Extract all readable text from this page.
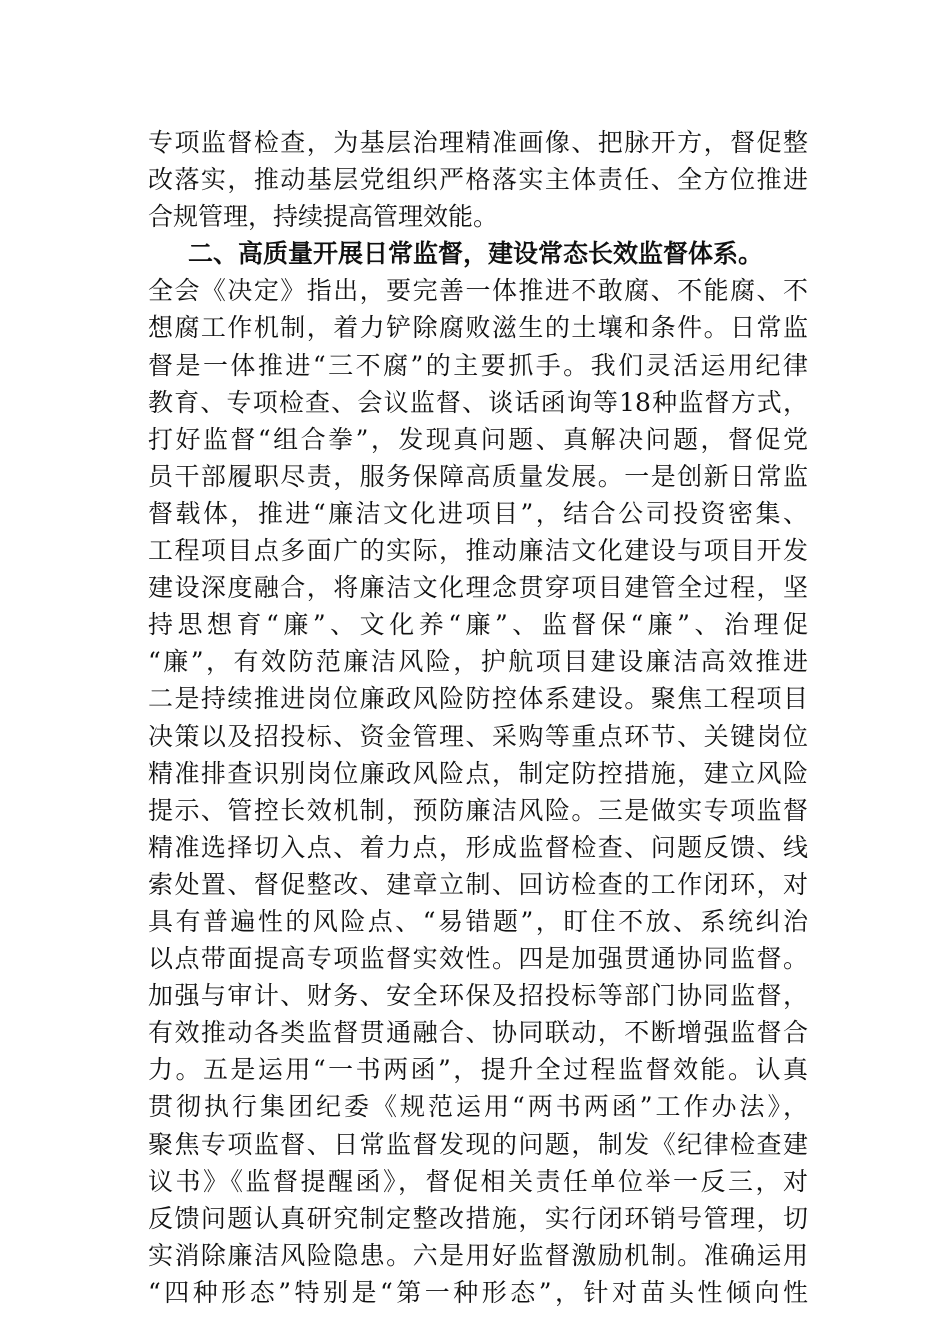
专项监督检查，为基层治理精准画像、把脉开方，督促整
改落实，推动基层党组织严格落实主体责任、全方位推进
合规管理，持续提高管理效能。
二、高质量开展日常监督，建设常态长效监督体系。
全会《决定》指出，要完善一体推进不敢腐、不能腐、不
想腐工作机制，着力铲除腐败滋生的土壤和条件。日常监
督是一体推进“三不腐”的主要抓手。我们灵活运用纪律
教育、专项检查、会议监督、谈话函询等18种监督方式，
打好监督“组合拳”，发现真问题、真解决问题，督促党
员干部履职尽责，服务保障高质量发展。一是创新日常监
督载体，推进“廉洁文化进项目”，结合公司投资密集、
工程项目点多面广的实际，推动廉洁文化建设与项目开发
建设深度融合，将廉洁文化理念贯穿项目建管全过程，坚
持思想育“廉”、文化养“廉”、监督保“廉”、治理促
“廉”，有效防范廉洁风险，护航项目建设廉洁高效推进
二是持续推进岗位廉政风险防控体系建设。聚焦工程项目
决策以及招投标、资金管理、采购等重点环节、关键岗位
精准排查识别岗位廉政风险点，制定防控措施，建立风险
提示、管控长效机制，预防廉洁风险。三是做实专项监督
精准选择切入点、着力点，形成监督检查、问题反馈、线
索处置、督促整改、建章立制、回访检查的工作闭环，对
具有普遍性的风险点、“易错题”，盯住不放、系统纠治
以点带面提高专项监督实效性。四是加强贯通协同监督。
加强与审计、财务、安全环保及招投标等部门协同监督，
有效推动各类监督贯通融合、协同联动，不断增强监督合
力。五是运用“一书两函”，提升全过程监督效能。认真
贯彻执行集团纪委《规范运用“两书两函”工作办法》，
聚焦专项监督、日常监督发现的问题，制发《纪律检查建
议书》《监督提醒函》，督促相关责任单位举一反三，对
反馈问题认真研究制定整改措施，实行闭环销号管理，切
实消除廉洁风险隐患。六是用好监督激励机制。准确运用
“四种形态”特别是“第一种形态”，针对苗头性倾向性
